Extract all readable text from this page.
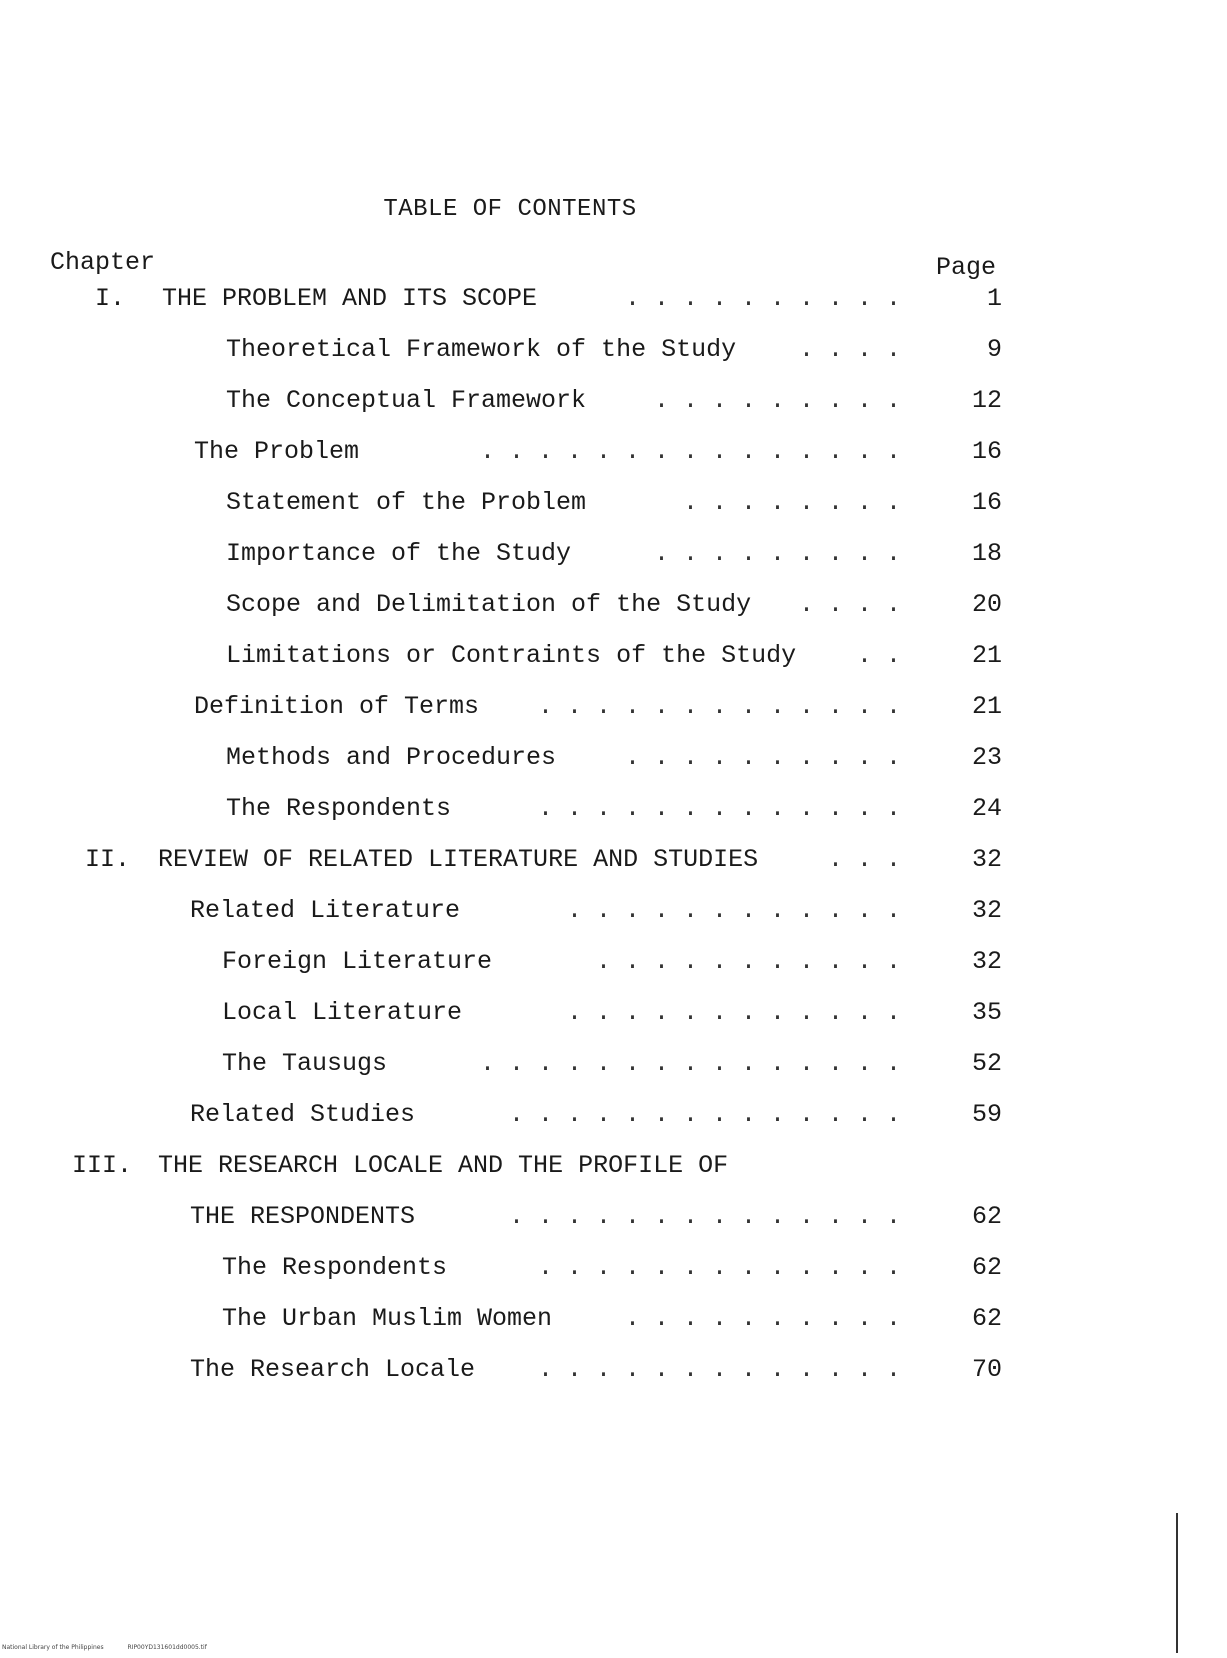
TABLE OF CONTENTS
Chapter	Page
I. THE PROBLEM AND ITS SCOPE	..........	1
Theoretical Framework of the Study	....	9
The Conceptual Framework	.........	12
The Problem	...............	16
Statement of the Problem	........	16
Importance of the Study	.........	18
Scope and Delimitation of the Study ....	20
Limitations or Contraints of the Study ..	21
Definition of Terms .............	21
Methods and Procedures	..........	23
The Respondents	.............	24
II. REVIEW OF RELATED LITERATURE AND STUDIES	...	32
Related Literature	............	32
Foreign Literature	...........	32
Local Literature	............	35
The Tausugs	...............	52
Related Studies	..............	59
III. THE RESEARCH LOCALE AND THE PROFILE OF
THE RESPONDENTS	..............	62
The Respondents	.............	62
The Urban Muslim Women	..........	62
The Research Locale	.............	70
National Library of the Philippines	RIP00YD131601dd0005.tif
